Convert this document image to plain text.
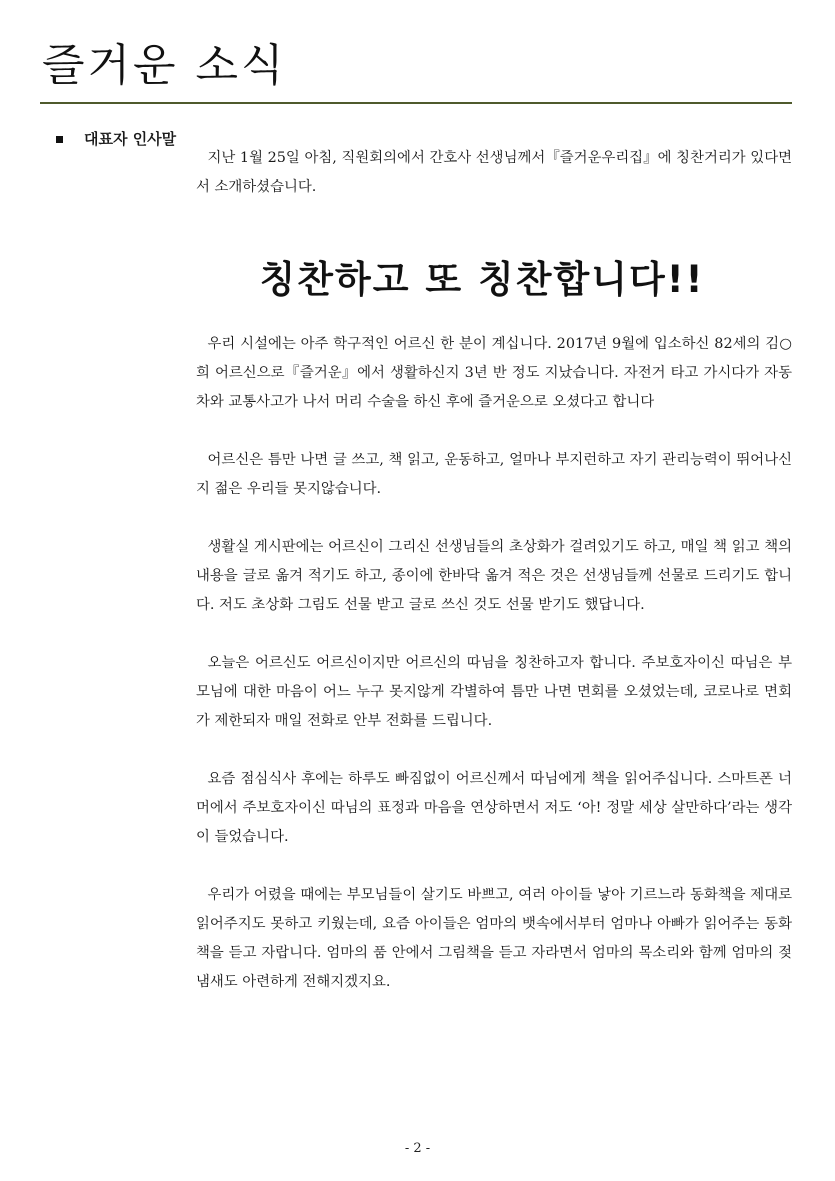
즐거운 소식
대표자 인사말

지난 1월 25일 아침, 직원회의에서 간호사 선생님께서『즐거운우리집』에 칭찬거리가 있다면서 소개하셨습니다.

칭찬하고 또 칭찬합니다!!

우리 시설에는 아주 학구적인 어르신 한 분이 계십니다. 2017년 9월에 입소하신 82세의 김○희 어르신으로『즐거운』에서 생활하신지 3년 반 정도 지났습니다. 자전거 타고 가시다가 자동차와 교통사고가 나서 머리 수술을 하신 후에 즐거운으로 오셨다고 합니다

어르신은 틈만 나면 글 쓰고, 책 읽고, 운동하고, 얼마나 부지런하고 자기 관리능력이 뛰어나신지 젊은 우리들 못지않습니다.

생활실 게시판에는 어르신이 그리신 선생님들의 초상화가 걸려있기도 하고, 매일 책 읽고 책의 내용을 글로 옮겨 적기도 하고, 종이에 한바닥 옮겨 적은 것은 선생님들께 선물로 드리기도 합니다. 저도 초상화 그림도 선물 받고 글로 쓰신 것도 선물 받기도 했답니다.

오늘은 어르신도 어르신이지만 어르신의 따님을 칭찬하고자 합니다. 주보호자이신 따님은 부모님에 대한 마음이 어느 누구 못지않게 각별하여 틈만 나면 면회를 오셨었는데, 코로나로 면회가 제한되자 매일 전화로 안부 전화를 드립니다.

요즘 점심식사 후에는 하루도 빠짐없이 어르신께서 따님에게 책을 읽어주십니다. 스마트폰 너머에서 주보호자이신 따님의 표정과 마음을 연상하면서 저도 ‘아! 정말 세상 살만하다’라는 생각이 들었습니다.

우리가 어렸을 때에는 부모님들이 살기도 바쁘고, 여러 아이들 낳아 기르느라 동화책을 제대로 읽어주지도 못하고 키웠는데, 요즘 아이들은 엄마의 뱃속에서부터 엄마나 아빠가 읽어주는 동화책을 듣고 자랍니다. 엄마의 품 안에서 그림책을 듣고 자라면서 엄마의 목소리와 함께 엄마의 젖 냄새도 아련하게 전해지겠지요.

- 2 -
